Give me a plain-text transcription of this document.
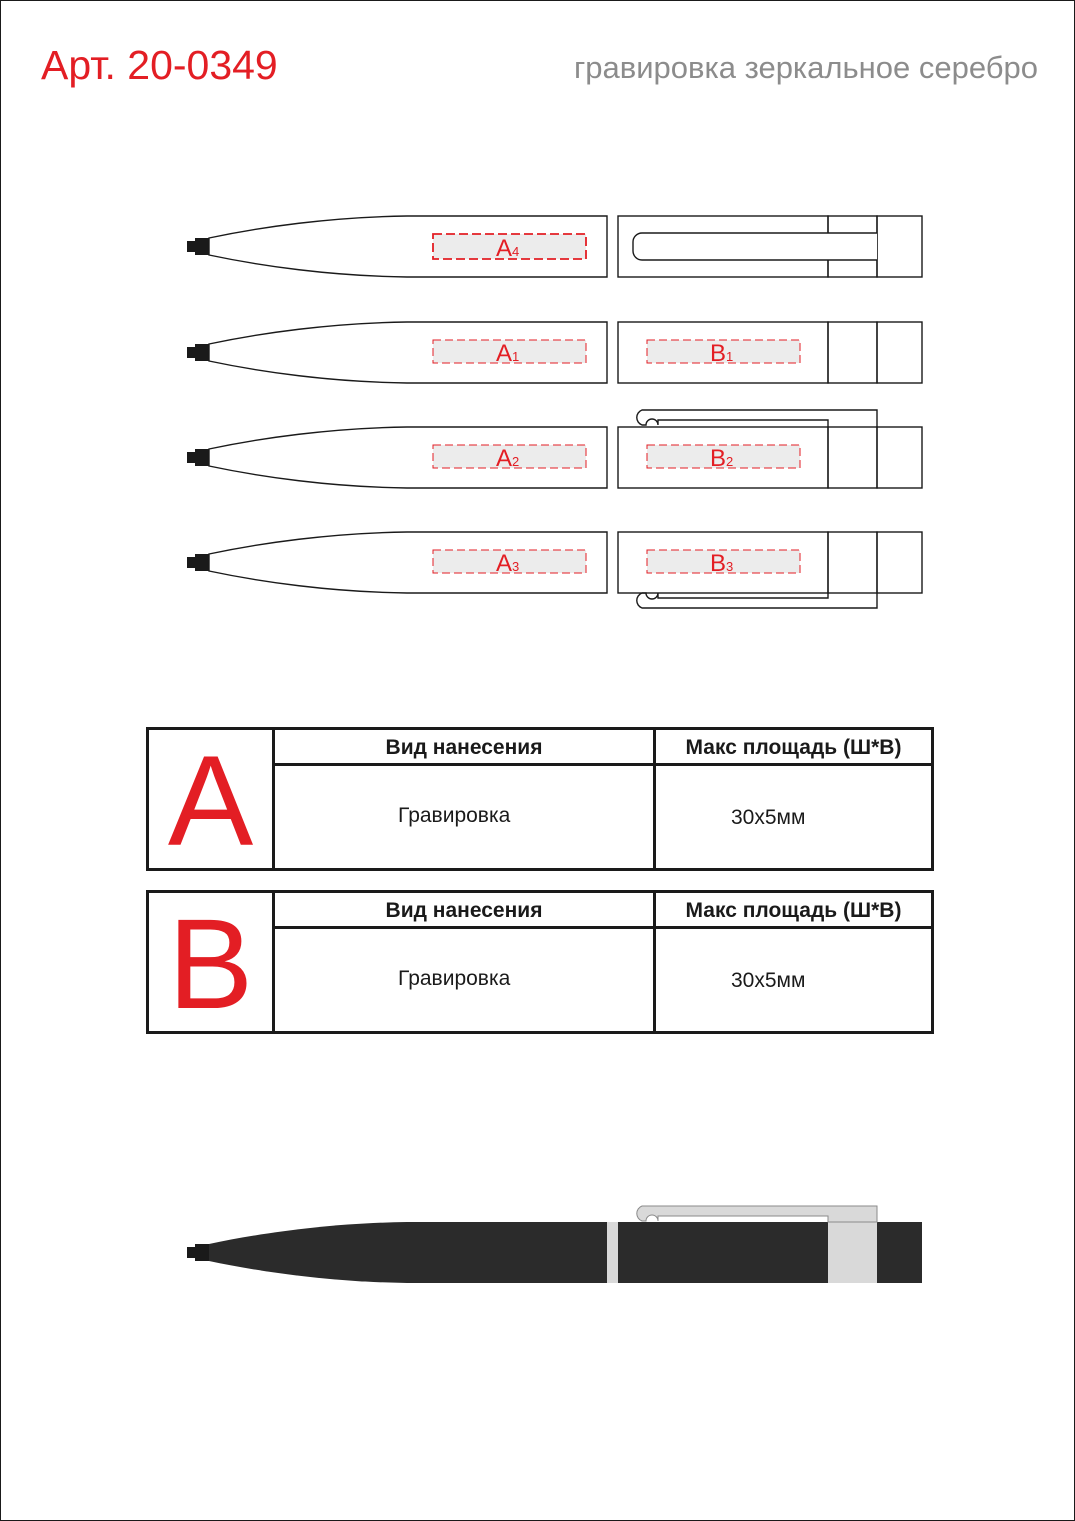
Арт. 20-0349	гравировка зеркальное серебро
A4
A1	B1
A2	B2
A3	B3
A	Вид нанесения	Макс площадь (Ш*В)
Гравировка	30х5мм
B	Вид нанесения	Макс площадь (Ш*В)
Гравировка	30х5мм
